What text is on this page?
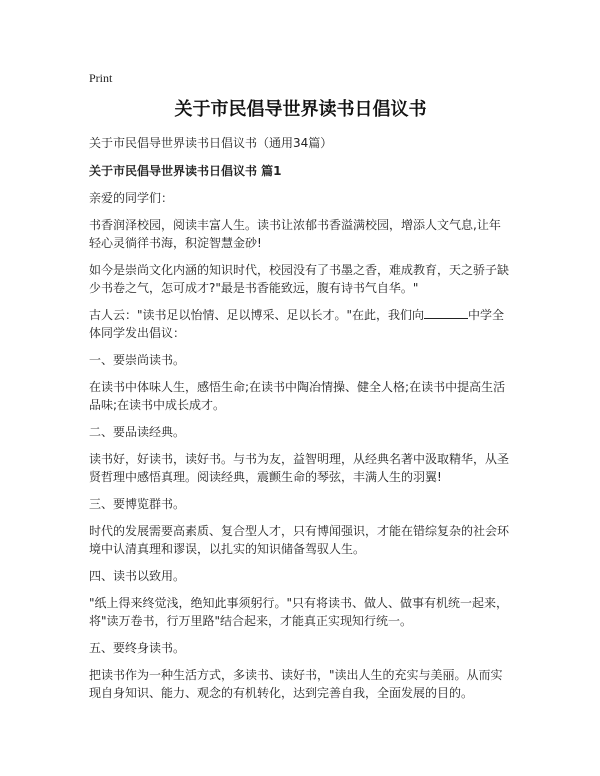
Print
关于市民倡导世界读书日倡议书

关于市民倡导世界读书日倡议书（通用34篇）

关于市民倡导世界读书日倡议书 篇1

亲爱的同学们：

书香润泽校园，阅读丰富人生。读书让浓郁书香溢满校园，增添人文气息,让年轻心灵徜徉书海，积淀智慧金砂!

如今是崇尚文化内涵的知识时代，校园没有了书墨之香，难成教育，天之骄子缺少书卷之气，怎可成才?"最是书香能致远，腹有诗书气自华。"

古人云："读书足以怡情、足以博采、足以长才。"在此，我们向	中学全体同学发出倡议：

一、要崇尚读书。

在读书中体味人生，感悟生命;在读书中陶冶情操、健全人格;在读书中提高生活品味;在读书中成长成才。

二、要品读经典。

读书好，好读书，读好书。与书为友，益智明理，从经典名著中汲取精华，从圣贤哲理中感悟真理。阅读经典，震颤生命的琴弦，丰满人生的羽翼!

三、要博览群书。

时代的发展需要高素质、复合型人才，只有博闻强识，才能在错综复杂的社会环境中认清真理和谬误，以扎实的知识储备驾驭人生。

四、读书以致用。

"纸上得来终觉浅，绝知此事须躬行。"只有将读书、做人、做事有机统一起来，将"读万卷书，行万里路"结合起来，才能真正实现知行统一。

五、要终身读书。

把读书作为一种生活方式，多读书、读好书，"读出人生的充实与美丽。从而实现自身知识、能力、观念的有机转化，达到完善自我，全面发展的目的。
